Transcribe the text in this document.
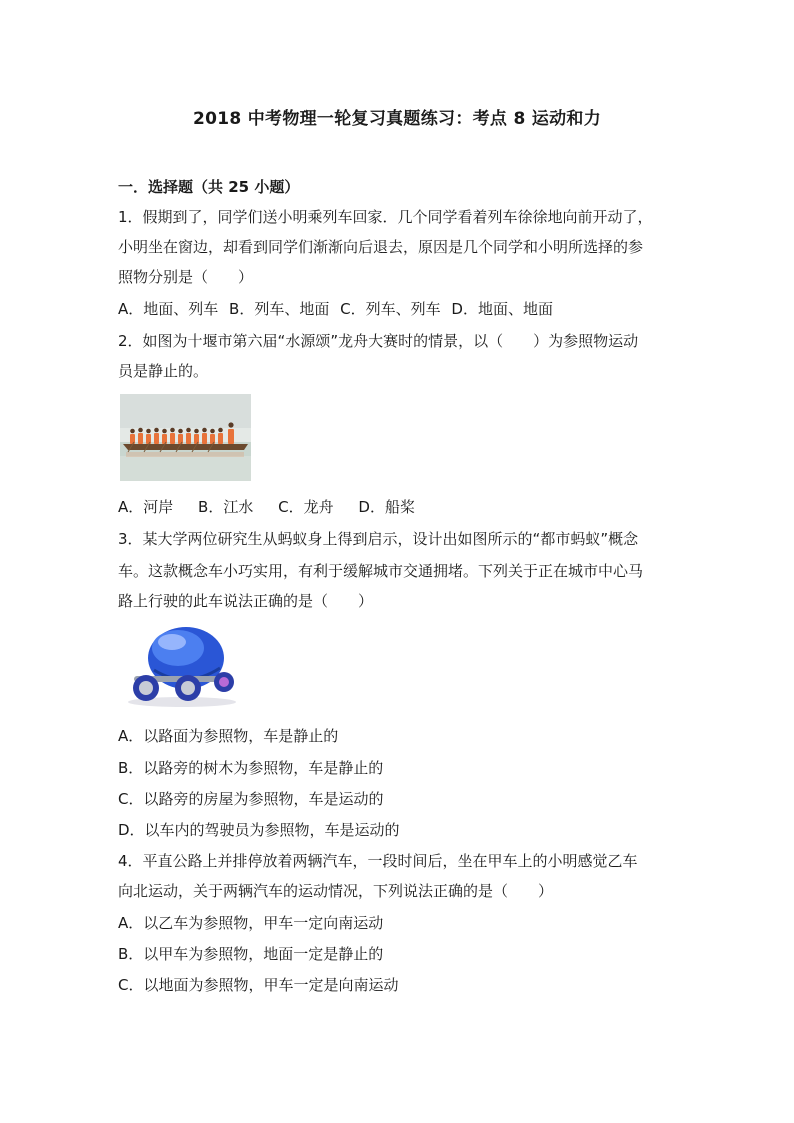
2018 中考物理一轮复习真题练习：考点 8 运动和力
一．选择题（共 25 小题）
1．假期到了，同学们送小明乘列车回家．几个同学看着列车徐徐地向前开动了，
小明坐在窗边，却看到同学们渐渐向后退去，原因是几个同学和小明所选择的参
照物分别是（　　）
A．地面、列车 B．列车、地面 C．列车、列车 D．地面、地面
2．如图为十堰市第六届“水源颂”龙舟大赛时的情景，以（　　）为参照物运动
员是静止的。
A．河岸 B．江水 C．龙舟 D．船桨
3．某大学两位研究生从蚂蚁身上得到启示，设计出如图所示的“都市蚂蚁”概念
车。这款概念车小巧实用，有利于缓解城市交通拥堵。下列关于正在城市中心马
路上行驶的此车说法正确的是（　　）
A．以路面为参照物，车是静止的
B．以路旁的树木为参照物，车是静止的
C．以路旁的房屋为参照物，车是运动的
D．以车内的驾驶员为参照物，车是运动的
4．平直公路上并排停放着两辆汽车，一段时间后，坐在甲车上的小明感觉乙车
向北运动，关于两辆汽车的运动情况，下列说法正确的是（　　）
A．以乙车为参照物，甲车一定向南运动
B．以甲车为参照物，地面一定是静止的
C．以地面为参照物，甲车一定是向南运动
